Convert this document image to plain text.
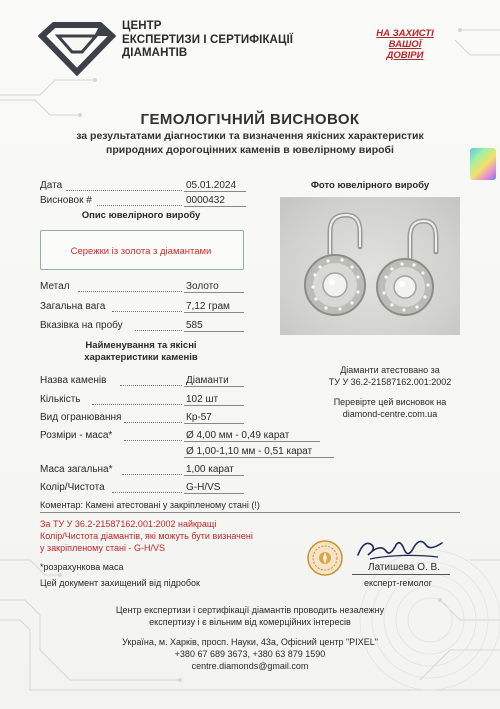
ЦЕНТР
ЕКСПЕРТИЗИ І СЕРТИФІКАЦІЇ
ДІАМАНТІВ
НА ЗАХИСТІ
ВАШОЇ
ДОВІРИ
ГЕМОЛОГІЧНИЙ ВИСНОВОК
за результатами діагностики та визначення якісних характеристик
природних дорогоцінних каменів в ювелірному виробі
Дата	05.01.2024
Висновок #	0000432
Опис ювелірного виробу
Сережки із золота з діамантами
Метал	Золото
Загальна вага	7,12 грам
Вказівка на пробу	585
Фото ювелірного виробу
Найменування та якісні
характеристики каменів
Назва каменів	Діаманти
Кількість	102 шт
Вид огранювання	Кр-57
Розміри - маса*	Ø 4,00 мм - 0,49 карат
Ø 1,00-1,10 мм - 0,51 карат
Маса загальна*	1,00 карат
Колір/Чистота	G-H/VS
Коментар: Камені атестовані у закріпленому стані (!)
Діаманти атестовано за
ТУ У 36.2-21587162.001:2002
Перевірте цей висновок на
diamond-centre.com.ua
За ТУ У 36.2-21587162.001:2002 найкращі
Колір/Чистота діамантів, які можуть бути визначені
у закріпленому стані - G-H/VS
*розрахункова маса
Цей документ захищений від підробок
Латишева О. В.
експерт-гемолог
Центр експертизи і сертифікації діамантів проводить незалежну
експертизу і є вільним від комерційних інтересів
Україна, м. Харків, просп. Науки, 43а, Офісний центр "PIXEL"
+380 67 689 3673, +380 63 879 1590
centre.diamonds@gmail.com
